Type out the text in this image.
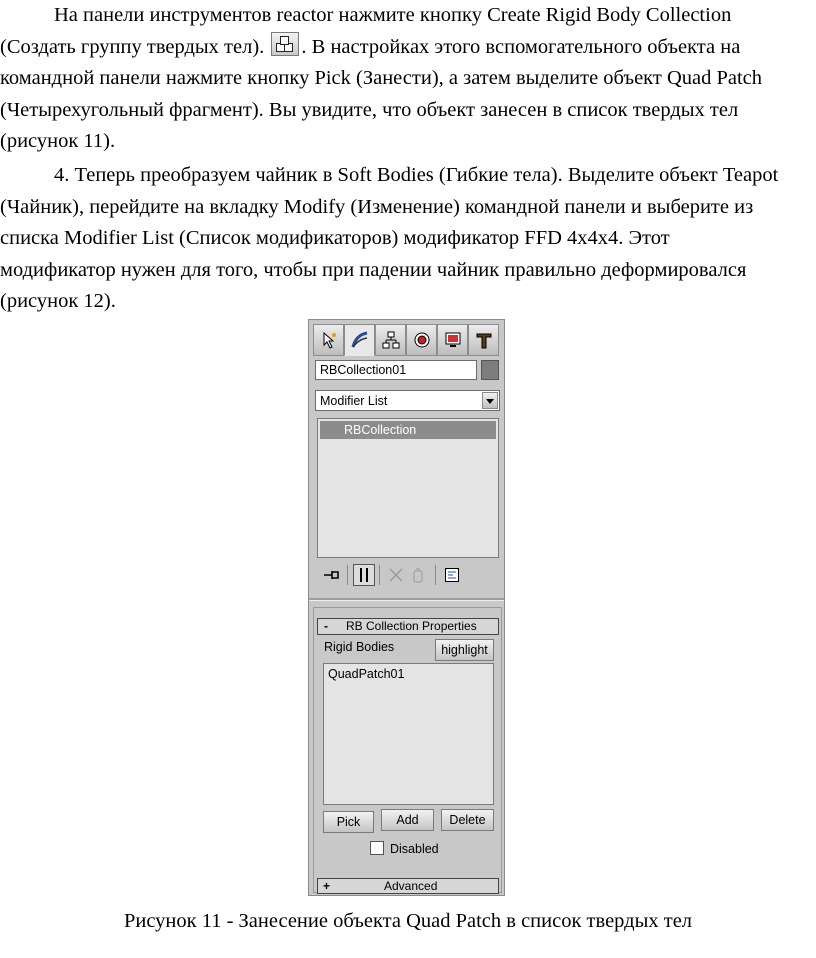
На панели инструментов reactor нажмите кнопку Create Rigid Body Collection
(Создать группу твердых тел). . В настройках этого вспомогательного объекта на
командной панели нажмите кнопку Pick (Занести), а затем выделите объект Quad Patch
(Четырехугольный фрагмент). Вы увидите, что объект занесен в список твердых тел
(рисунок 11).

4. Теперь преобразуем чайник в Soft Bodies (Гибкие тела). Выделите объект Teapot
(Чайник), перейдите на вкладку Modify (Изменение) командной панели и выберите из
списка Modifier List (Список модификаторов) модификатор FFD 4x4x4. Этот
модификатор нужен для того, чтобы при падении чайник правильно деформировался
(рисунок 12).

RBCollection01
Modifier List
RBCollection
- RB Collection Properties
Rigid Bodies	highlight
QuadPatch01
Pick	Add	Delete
Disabled
+	Advanced
Рисунок 11 - Занесение объекта Quad Patch в список твердых тел
